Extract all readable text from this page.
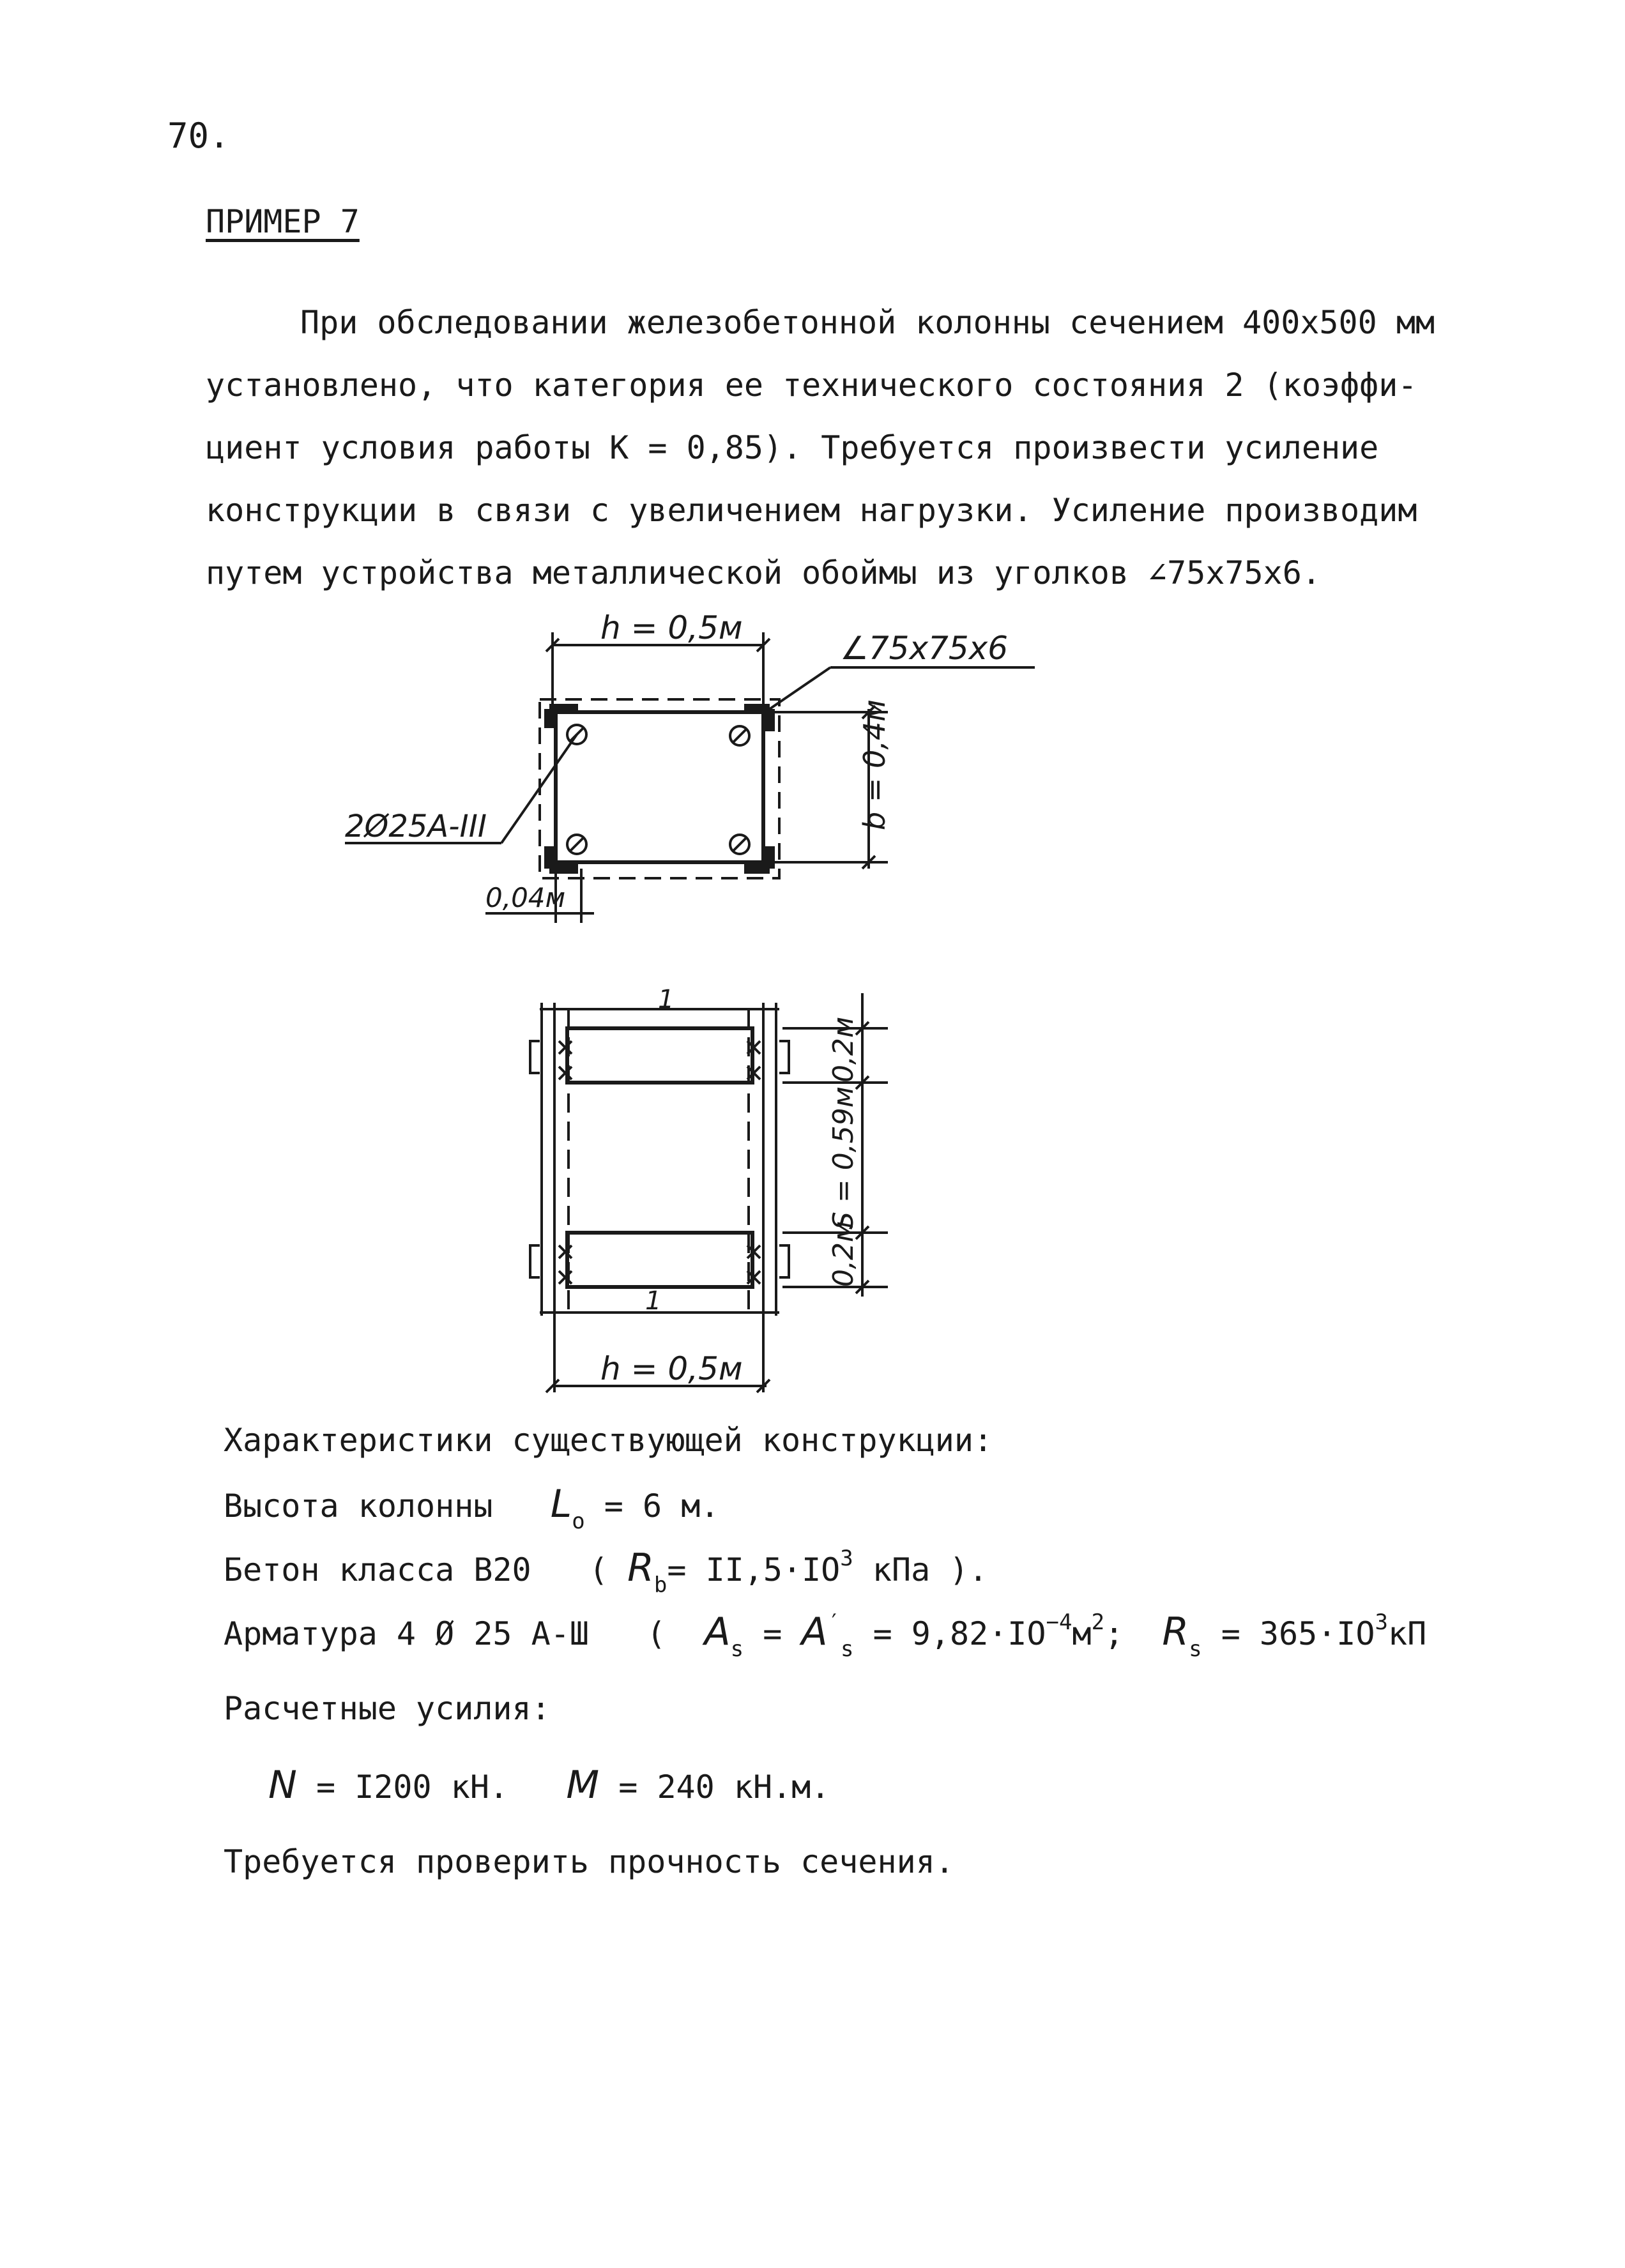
70.
ПРИМЕР 7
При обследовании железобетонной колонны сечением 400х500 мм
установлено, что категория ее технического состояния 2 (коэффи-
циент условия работы K = 0,85). Требуется произвести усиление
конструкции в связи с увеличением нагрузки. Усиление производим
путем устройства металлической обоймы из уголков ∠75х75х6.
h = 0,5м
∠75х75х6
b = 0,4м
2Ø25А-III
0,04м
1
1
0,2м
S = 0,59м
0,2м
h = 0,5м
Характеристики существующей конструкции:
Высота колонны $L_o = 6$ м.
Бетон класса В20 ( $R_b= II,5\cdot IO^3$ кПа ).
Арматура 4 Ø 25 А-Ш ( $A_s = A'_s = 9,82\cdot IO^{-4}м^2$; $R_s = 365\cdot IO^3кП$
Расчетные усилия:
N = I200 кН. M = 240 кН.м.
Требуется проверить прочность сечения.
